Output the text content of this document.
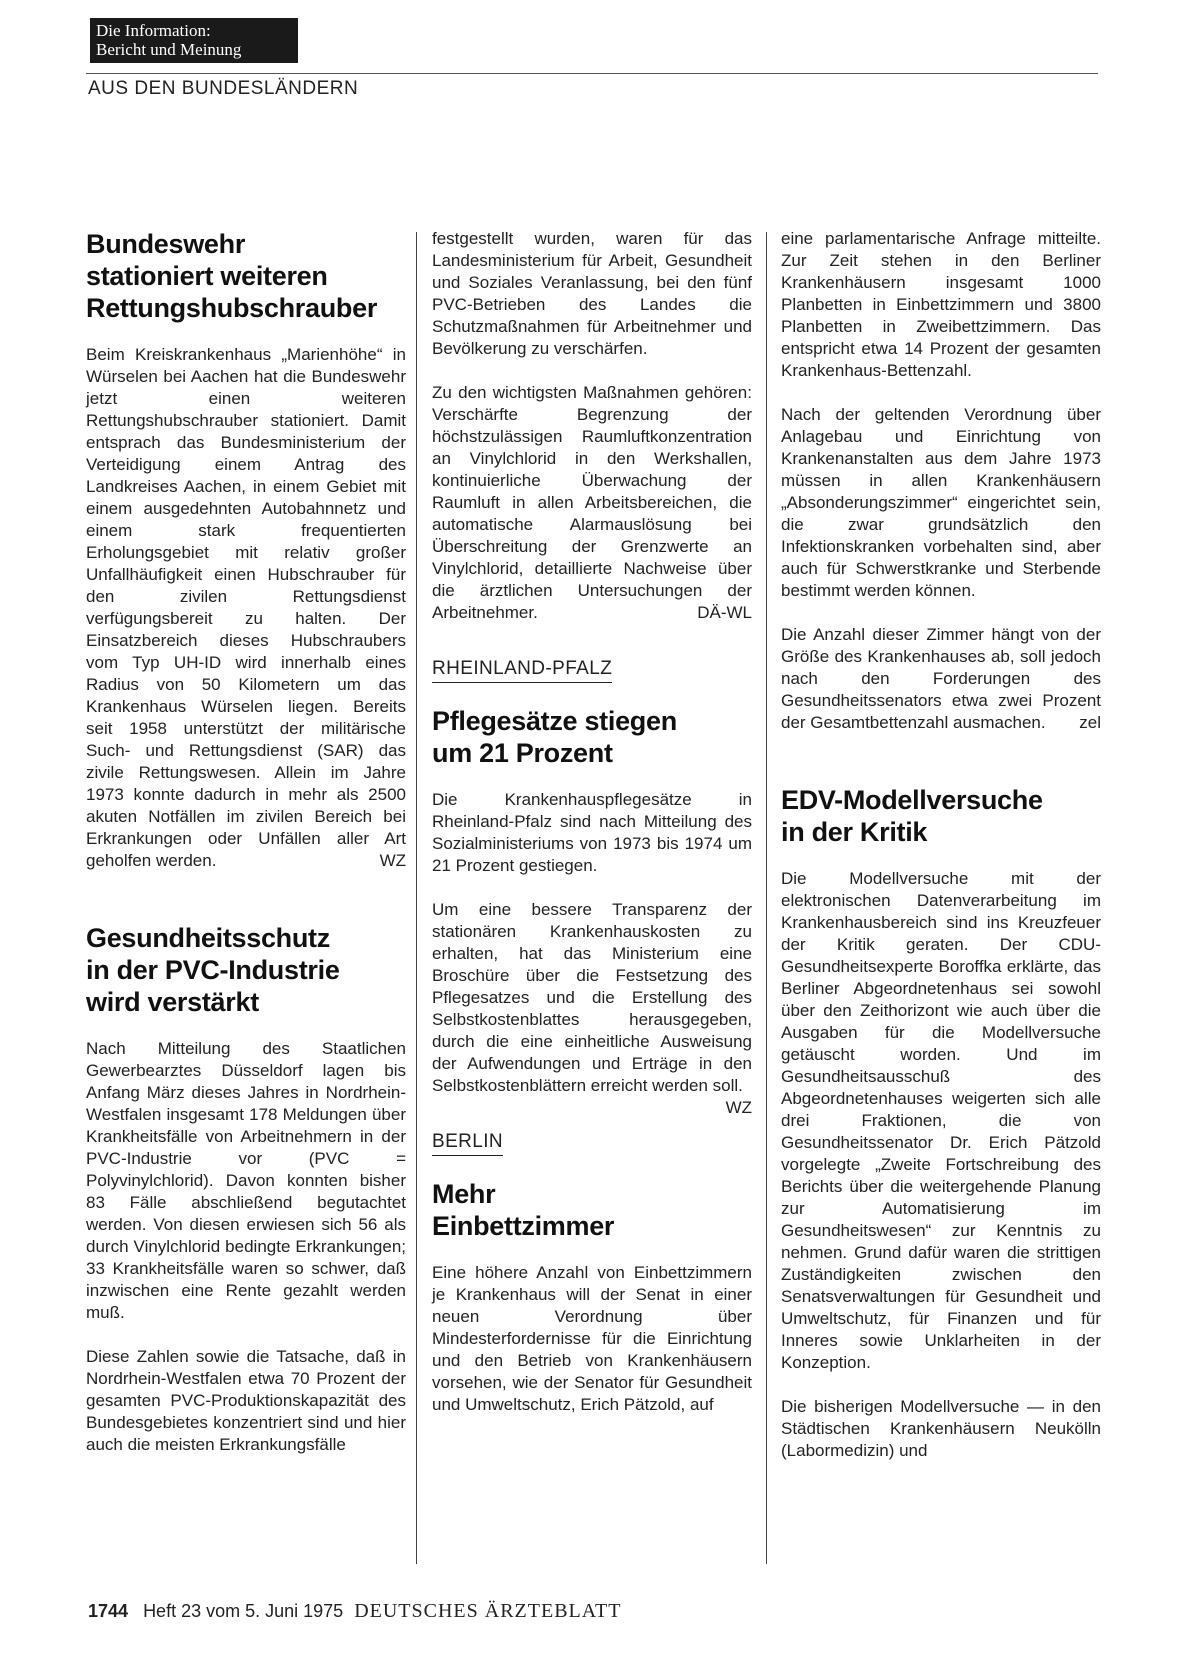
Die Information:
Bericht und Meinung
AUS DEN BUNDESLÄNDERN
Bundeswehr
stationiert weiteren
Rettungshubschrauber

Beim Kreiskrankenhaus „Marienhöhe“ in Würselen bei Aachen hat die Bundeswehr jetzt einen weiteren Rettungshubschrauber stationiert. Damit entsprach das Bundesministerium der Verteidigung einem Antrag des Landkreises Aachen, in einem Gebiet mit einem ausgedehnten Autobahnnetz und einem stark frequentierten Erholungsgebiet mit relativ großer Unfallhäufigkeit einen Hubschrauber für den zivilen Rettungsdienst verfügungsbereit zu halten. Der Einsatzbereich dieses Hubschraubers vom Typ UH-ID wird innerhalb eines Radius von 50 Kilometern um das Krankenhaus Würselen liegen. Bereits seit 1958 unterstützt der militärische Such- und Rettungsdienst (SAR) das zivile Rettungswesen. Allein im Jahre 1973 konnte dadurch in mehr als 2500 akuten Notfällen im zivilen Bereich bei Erkrankungen oder Unfällen aller Art geholfen werden.	WZ

Gesundheitsschutz
in der PVC-Industrie
wird verstärkt

Nach Mitteilung des Staatlichen Gewerbearztes Düsseldorf lagen bis Anfang März dieses Jahres in Nordrhein-Westfalen insgesamt 178 Meldungen über Krankheitsfälle von Arbeitnehmern in der PVC-Industrie vor (PVC = Polyvinylchlorid). Davon konnten bisher 83 Fälle abschließend begutachtet werden. Von diesen erwiesen sich 56 als durch Vinylchlorid bedingte Erkrankungen; 33 Krankheitsfälle waren so schwer, daß inzwischen eine Rente gezahlt werden muß.

Diese Zahlen sowie die Tatsache, daß in Nordrhein-Westfalen etwa 70 Prozent der gesamten PVC-Produktionskapazität des Bundesgebietes konzentriert sind und hier auch die meisten Erkrankungsfälle

festgestellt wurden, waren für das Landesministerium für Arbeit, Gesundheit und Soziales Veranlassung, bei den fünf PVC-Betrieben des Landes die Schutzmaßnahmen für Arbeitnehmer und Bevölkerung zu verschärfen.

Zu den wichtigsten Maßnahmen gehören: Verschärfte Begrenzung der höchstzulässigen Raumluftkonzentration an Vinylchlorid in den Werkshallen, kontinuierliche Überwachung der Raumluft in allen Arbeitsbereichen, die automatische Alarmauslösung bei Überschreitung der Grenzwerte an Vinylchlorid, detaillierte Nachweise über die ärztlichen Untersuchungen der Arbeitnehmer.	DÄ-WL

RHEINLAND-PFALZ
Pflegesätze stiegen
um 21 Prozent

Die Krankenhauspflegesätze in Rheinland-Pfalz sind nach Mitteilung des Sozialministeriums von 1973 bis 1974 um 21 Prozent gestiegen.

Um eine bessere Transparenz der stationären Krankenhauskosten zu erhalten, hat das Ministerium eine Broschüre über die Festsetzung des Pflegesatzes und die Erstellung des Selbstkostenblattes herausgegeben, durch die eine einheitliche Ausweisung der Aufwendungen und Erträge in den Selbstkostenblättern erreicht werden soll.
WZ

BERLIN
Mehr
Einbettzimmer

Eine höhere Anzahl von Einbettzimmern je Krankenhaus will der Senat in einer neuen Verordnung über Mindesterfordernisse für die Einrichtung und den Betrieb von Krankenhäusern vorsehen, wie der Senator für Gesundheit und Umweltschutz, Erich Pätzold, auf

eine parlamentarische Anfrage mitteilte. Zur Zeit stehen in den Berliner Krankenhäusern insgesamt 1000 Planbetten in Einbettzimmern und 3800 Planbetten in Zweibettzimmern. Das entspricht etwa 14 Prozent der gesamten Krankenhaus-Bettenzahl.

Nach der geltenden Verordnung über Anlagebau und Einrichtung von Krankenanstalten aus dem Jahre 1973 müssen in allen Krankenhäusern „Absonderungszimmer“ eingerichtet sein, die zwar grundsätzlich den Infektionskranken vorbehalten sind, aber auch für Schwerstkranke und Sterbende bestimmt werden können.

Die Anzahl dieser Zimmer hängt von der Größe des Krankenhauses ab, soll jedoch nach den Forderungen des Gesundheitssenators etwa zwei Prozent der Gesamtbettenzahl ausmachen. zel

EDV-Modellversuche
in der Kritik

Die Modellversuche mit der elektronischen Datenverarbeitung im Krankenhausbereich sind ins Kreuzfeuer der Kritik geraten. Der CDU-Gesundheitsexperte Boroffka erklärte, das Berliner Abgeordnetenhaus sei sowohl über den Zeithorizont wie auch über die Ausgaben für die Modellversuche getäuscht worden. Und im Gesundheitsausschuß des Abgeordnetenhauses weigerten sich alle drei Fraktionen, die von Gesundheitssenator Dr. Erich Pätzold vorgelegte „Zweite Fortschreibung des Berichts über die weitergehende Planung zur Automatisierung im Gesundheitswesen“ zur Kenntnis zu nehmen. Grund dafür waren die strittigen Zuständigkeiten zwischen den Senatsverwaltungen für Gesundheit und Umweltschutz, für Finanzen und für Inneres sowie Unklarheiten in der Konzeption.

Die bisherigen Modellversuche — in den Städtischen Krankenhäusern Neukölln (Labormedizin) und

1744 Heft 23 vom 5. Juni 1975 DEUTSCHES ÄRZTEBLATT
